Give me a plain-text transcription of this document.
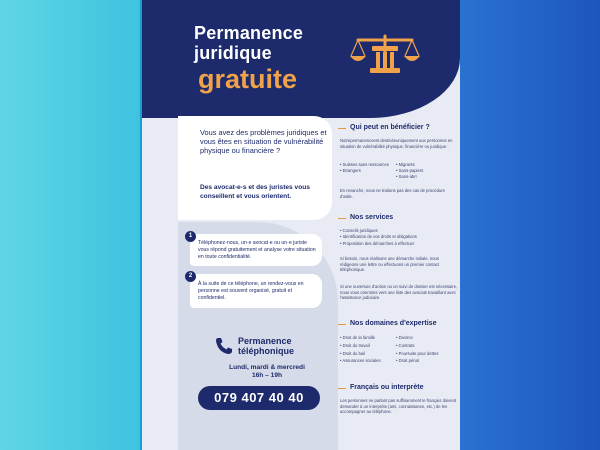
Permanence
juridique
gratuite
Vous avez des problèmes juridiques et vous êtes en situation de vulnérabilité physique ou financière ?
Des avocat-e-s et des juristes vous conseillent et vous orientent.
1
Téléphonez-nous, un·e avocat·e ou un·e juriste vous répond gratuitement et analyse votre situation en toute confidentialité.
2
À la suite de ce téléphone, un rendez-vous en personne est souvent organisé, gratuit et confidentiel.
Permanence
téléphonique
Lundi, mardi & mercredi
16h – 19h
079 407 40 40
Qui peut en bénéficier ?
Notrepermanenceest destinéeuniquement aux personnes en situation de vulnérabilité physique, financière ou juridique :
• Suisses sans ressources • Migrants
• Etrangers	• Sans-papiers
• Sans-abri
En revanche, nous ne traitons pas des cas de procédure d'asile.
Nos services
• Conseils juridiques
• Identification de vos droits et obligations
• Proposition des démarches à effectuer
Si besoin, nous réalisons une démarche initiale, nous rédigeons une lettre ou effectuons un premier contact téléphonique.
Si une ouverture d'action ou un suivi de dossier est nécessaire, nous vous orientons vers une liste des avocats travaillant avec l'assistance judiciaire.
Nos domaines d'expertise
• Droit de la famille	• Divorce
• Droit du travail	• Contrats
• Droit du bail	• Poursuite pour dettes
• Assurances sociales	• Droit pénal
Français ou interprète
Les personnes ne parlant pas suffisamment le français doivent demander à un interprète (ami, connaissance, etc.) de les accompagner au téléphone.
